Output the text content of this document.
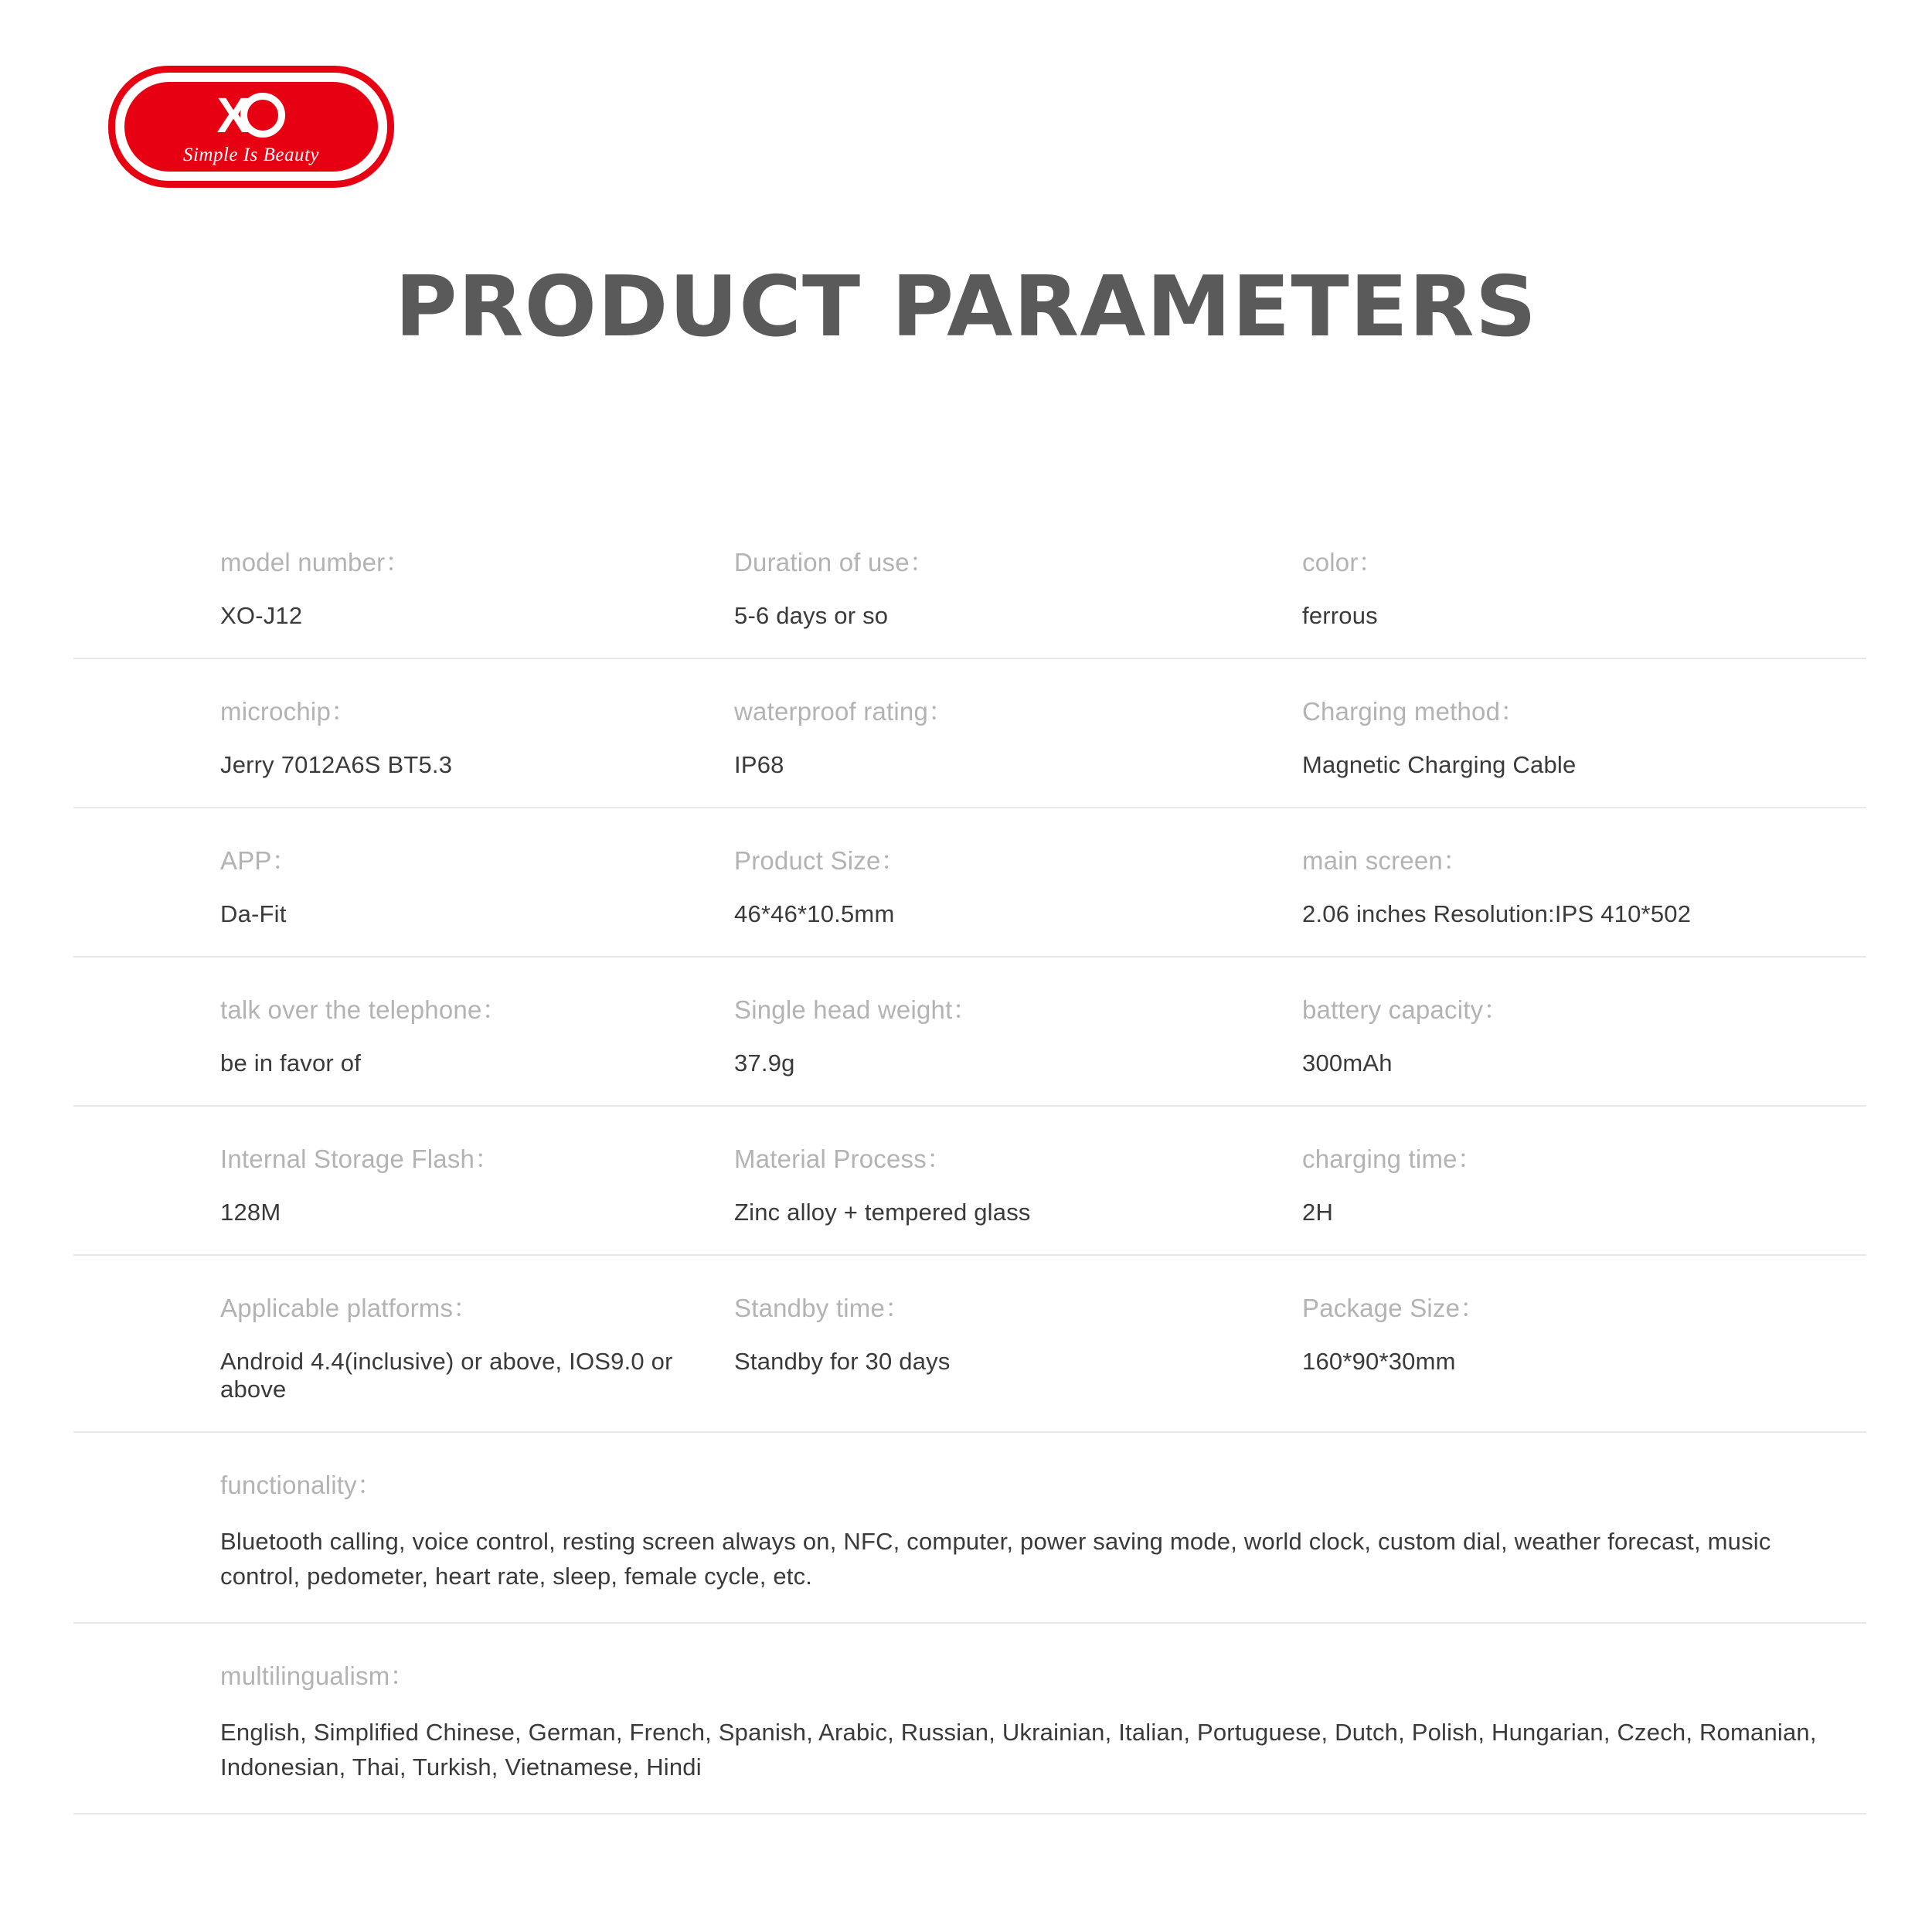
X
Simple Is Beauty
PRODUCT PARAMETERS
model number：
XO-J12
Duration of use：
5-6 days or so
color：
ferrous
microchip：
Jerry 7012A6S BT5.3
waterproof rating：
IP68
Charging method：
Magnetic Charging Cable
APP：
Da-Fit
Product Size：
46*46*10.5mm
main screen：
2.06 inches Resolution:IPS 410*502
talk over the telephone：
be in favor of
Single head weight：
37.9g
battery capacity：
300mAh
Internal Storage Flash：
128M
Material Process：
Zinc alloy + tempered glass
charging time：
2H
Applicable platforms：
Android 4.4(inclusive) or above, IOS9.0 or above
Standby time：
Standby for 30 days
Package Size：
160*90*30mm
functionality：
Bluetooth calling, voice control, resting screen always on, NFC, computer, power saving mode, world clock, custom dial, weather forecast, music control, pedometer, heart rate, sleep, female cycle, etc.
multilingualism：
English, Simplified Chinese, German, French, Spanish, Arabic, Russian, Ukrainian, Italian, Portuguese, Dutch, Polish, Hungarian, Czech, Romanian, Indonesian, Thai, Turkish, Vietnamese, Hindi
